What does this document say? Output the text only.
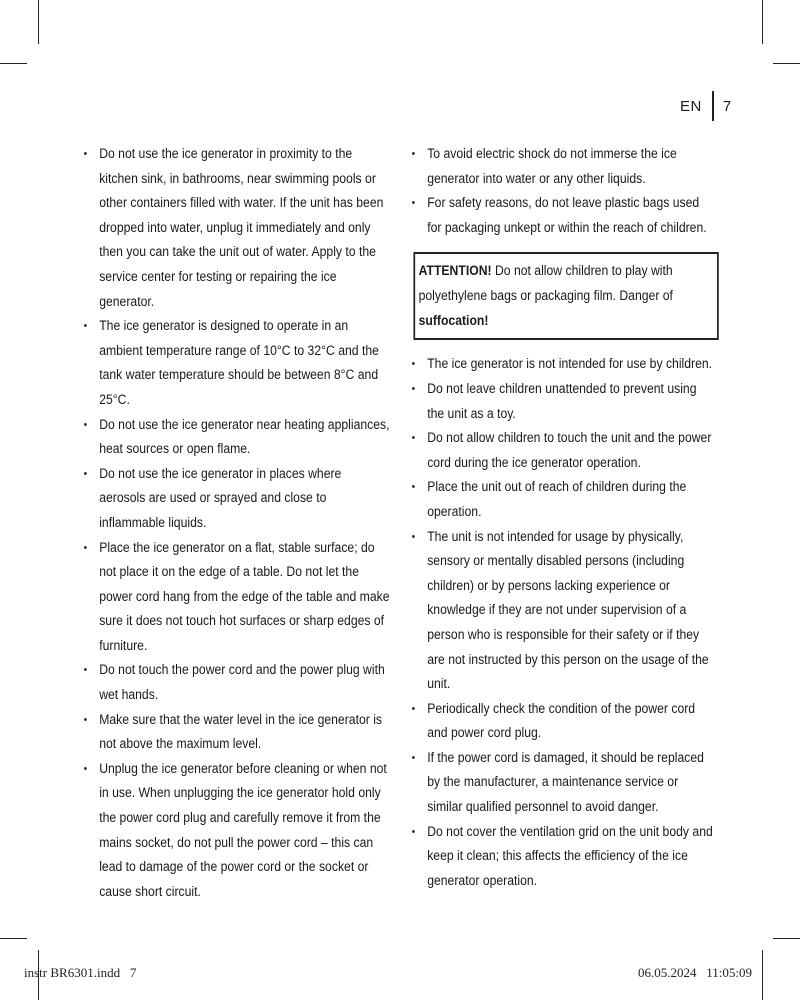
EN	7
• Do not use the ice generator in proximity to the kitchen sink, in bathrooms, near swimming pools or other containers filled with water. If the unit has been dropped into water, unplug it immediately and only then you can take the unit out of water. Apply to the service center for testing or repairing the ice generator.
• The ice generator is designed to operate in an ambient temperature range of 10°C to 32°C and the tank water temperature should be between 8°C and 25°C.
• Do not use the ice generator near heating appliances, heat sources or open flame.
• Do not use the ice generator in places where aerosols are used or sprayed and close to inflammable liquids.
• Place the ice generator on a flat, stable surface; do not place it on the edge of a table. Do not let the power cord hang from the edge of the table and make sure it does not touch hot surfaces or sharp edges of furniture.
• Do not touch the power cord and the power plug with wet hands.
• Make sure that the water level in the ice generator is not above the maximum level.
• Unplug the ice generator before cleaning or when not in use. When unplugging the ice generator hold only the power cord plug and carefully remove it from the mains socket, do not pull the power cord – this can lead to damage of the power cord or the socket or cause short circuit.
• To avoid electric shock do not immerse the ice generator into water or any other liquids.
• For safety reasons, do not leave plastic bags used for packaging unkept or within the reach of children.
ATTENTION! Do not allow children to play with polyethylene bags or packaging film. Danger of suffocation!
• The ice generator is not intended for use by children.
• Do not leave children unattended to prevent using the unit as a toy.
• Do not allow children to touch the unit and the power cord during the ice generator operation.
• Place the unit out of reach of children during the operation.
• The unit is not intended for usage by physically, sensory or mentally disabled persons (including children) or by persons lacking experience or knowledge if they are not under supervision of a person who is responsible for their safety or if they are not instructed by this person on the usage of the unit.
• Periodically check the condition of the power cord and power cord plug.
• If the power cord is damaged, it should be replaced by the manufacturer, a maintenance service or similar qualified personnel to avoid danger.
• Do not cover the ventilation grid on the unit body and keep it clean; this affects the efficiency of the ice generator operation.
instr BR6301.indd   7	06.05.2024   11:05:09
